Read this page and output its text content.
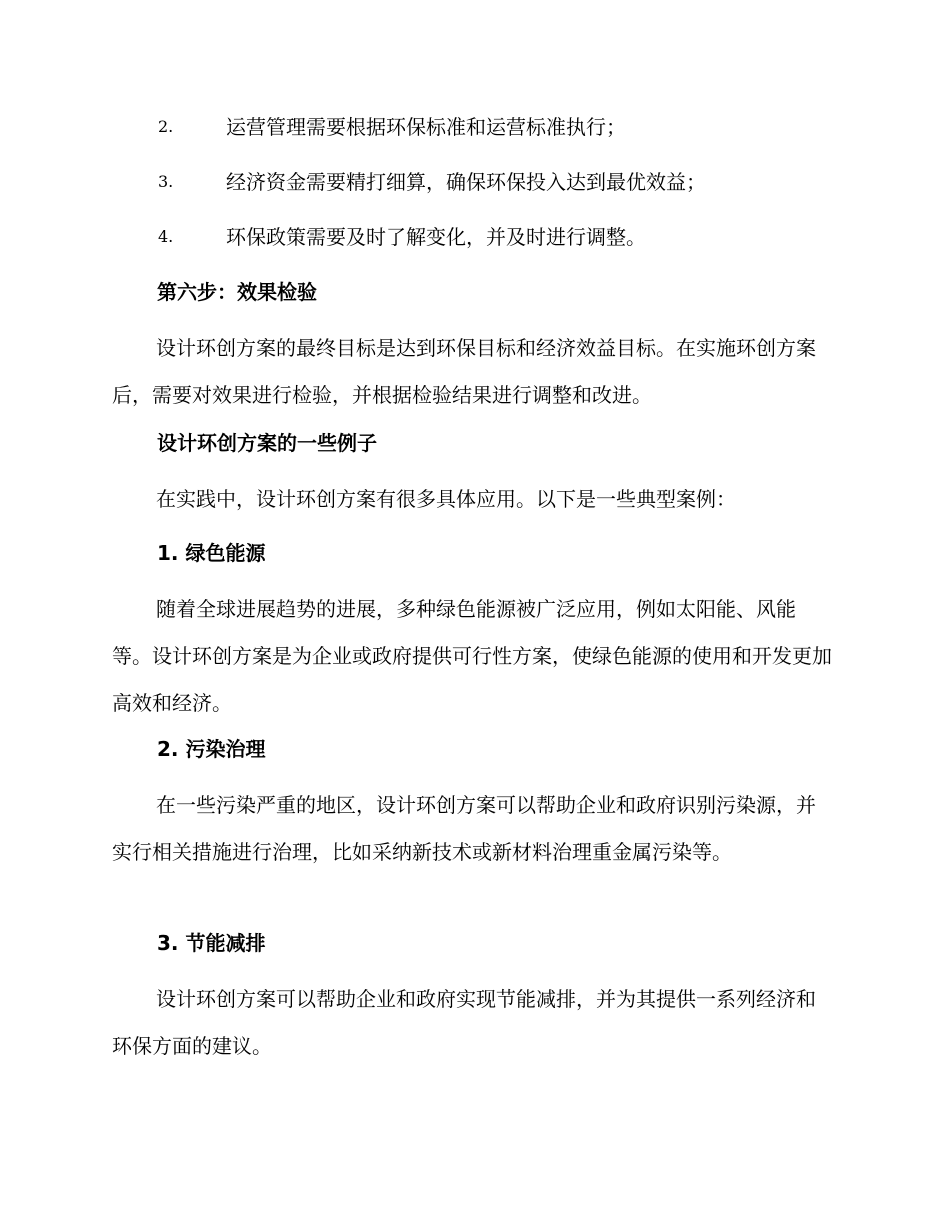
2.	运营管理需要根据环保标准和运营标准执行；
3.	经济资金需要精打细算，确保环保投入达到最优效益；
4.	环保政策需要及时了解变化，并及时进行调整。
第六步：效果检验
设计环创方案的最终目标是达到环保目标和经济效益目标。在实施环创方案后，需要对效果进行检验，并根据检验结果进行调整和改进。
设计环创方案的一些例子
在实践中，设计环创方案有很多具体应用。以下是一些典型案例：
1. 绿色能源
随着全球进展趋势的进展，多种绿色能源被广泛应用，例如太阳能、风能等。设计环创方案是为企业或政府提供可行性方案，使绿色能源的使用和开发更加高效和经济。
2. 污染治理
在一些污染严重的地区，设计环创方案可以帮助企业和政府识别污染源，并实行相关措施进行治理，比如采纳新技术或新材料治理重金属污染等。
3. 节能减排
设计环创方案可以帮助企业和政府实现节能减排，并为其提供一系列经济和环保方面的建议。
